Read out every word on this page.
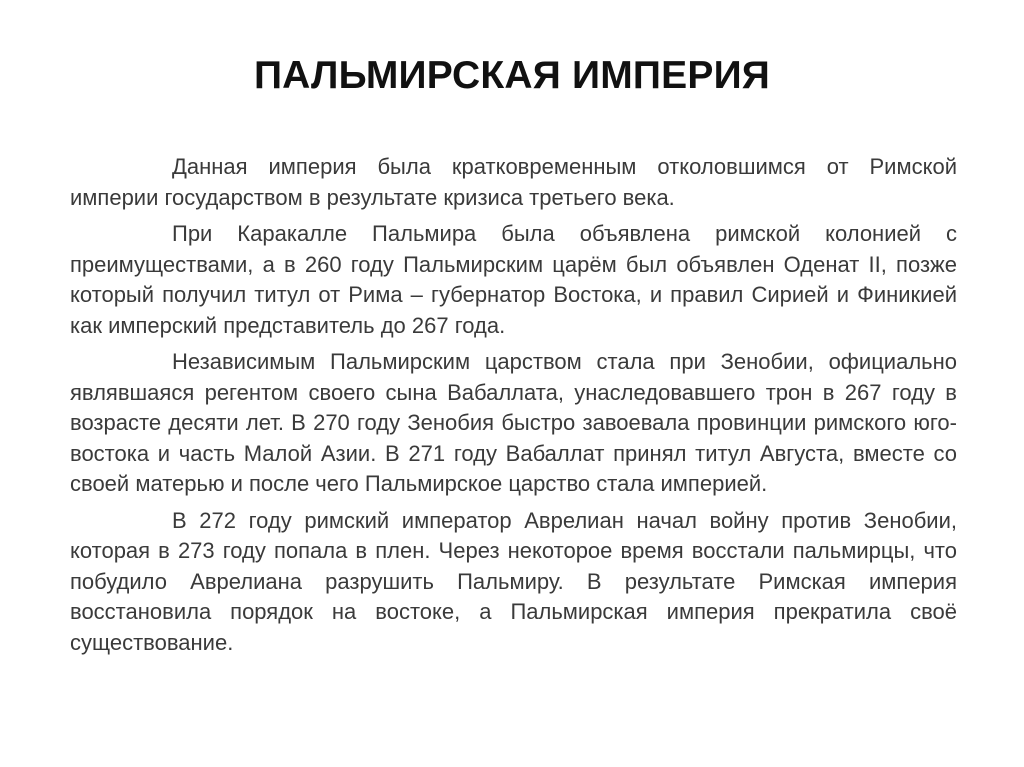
ПАЛЬМИРСКАЯ ИМПЕРИЯ

Данная империя была кратковременным отколовшимся от Римской империи государством в результате кризиса третьего века.

При Каракалле Пальмира была объявлена римской колонией с преимуществами, а в 260 году Пальмирским царём был объявлен Оденат II, позже который получил титул от Рима – губернатор Востока, и правил Сирией и Финикией как имперский представитель до 267 года.

Независимым Пальмирским царством стала при Зенобии, официально являвшаяся регентом своего сына Вабаллата, унаследовавшего трон в 267 году в возрасте десяти лет. В 270 году Зенобия быстро завоевала провинции римского юго-востока и часть Малой Азии. В 271 году Вабаллат принял титул Августа, вместе со своей матерью и после чего Пальмирское царство стала империей.

В 272 году римский император Аврелиан начал войну против Зенобии, которая в 273 году попала в плен. Через некоторое время восстали пальмирцы, что побудило Аврелиана разрушить Пальмиру. В результате Римская империя восстановила порядок на востоке, а Пальмирская империя прекратила своё существование.
